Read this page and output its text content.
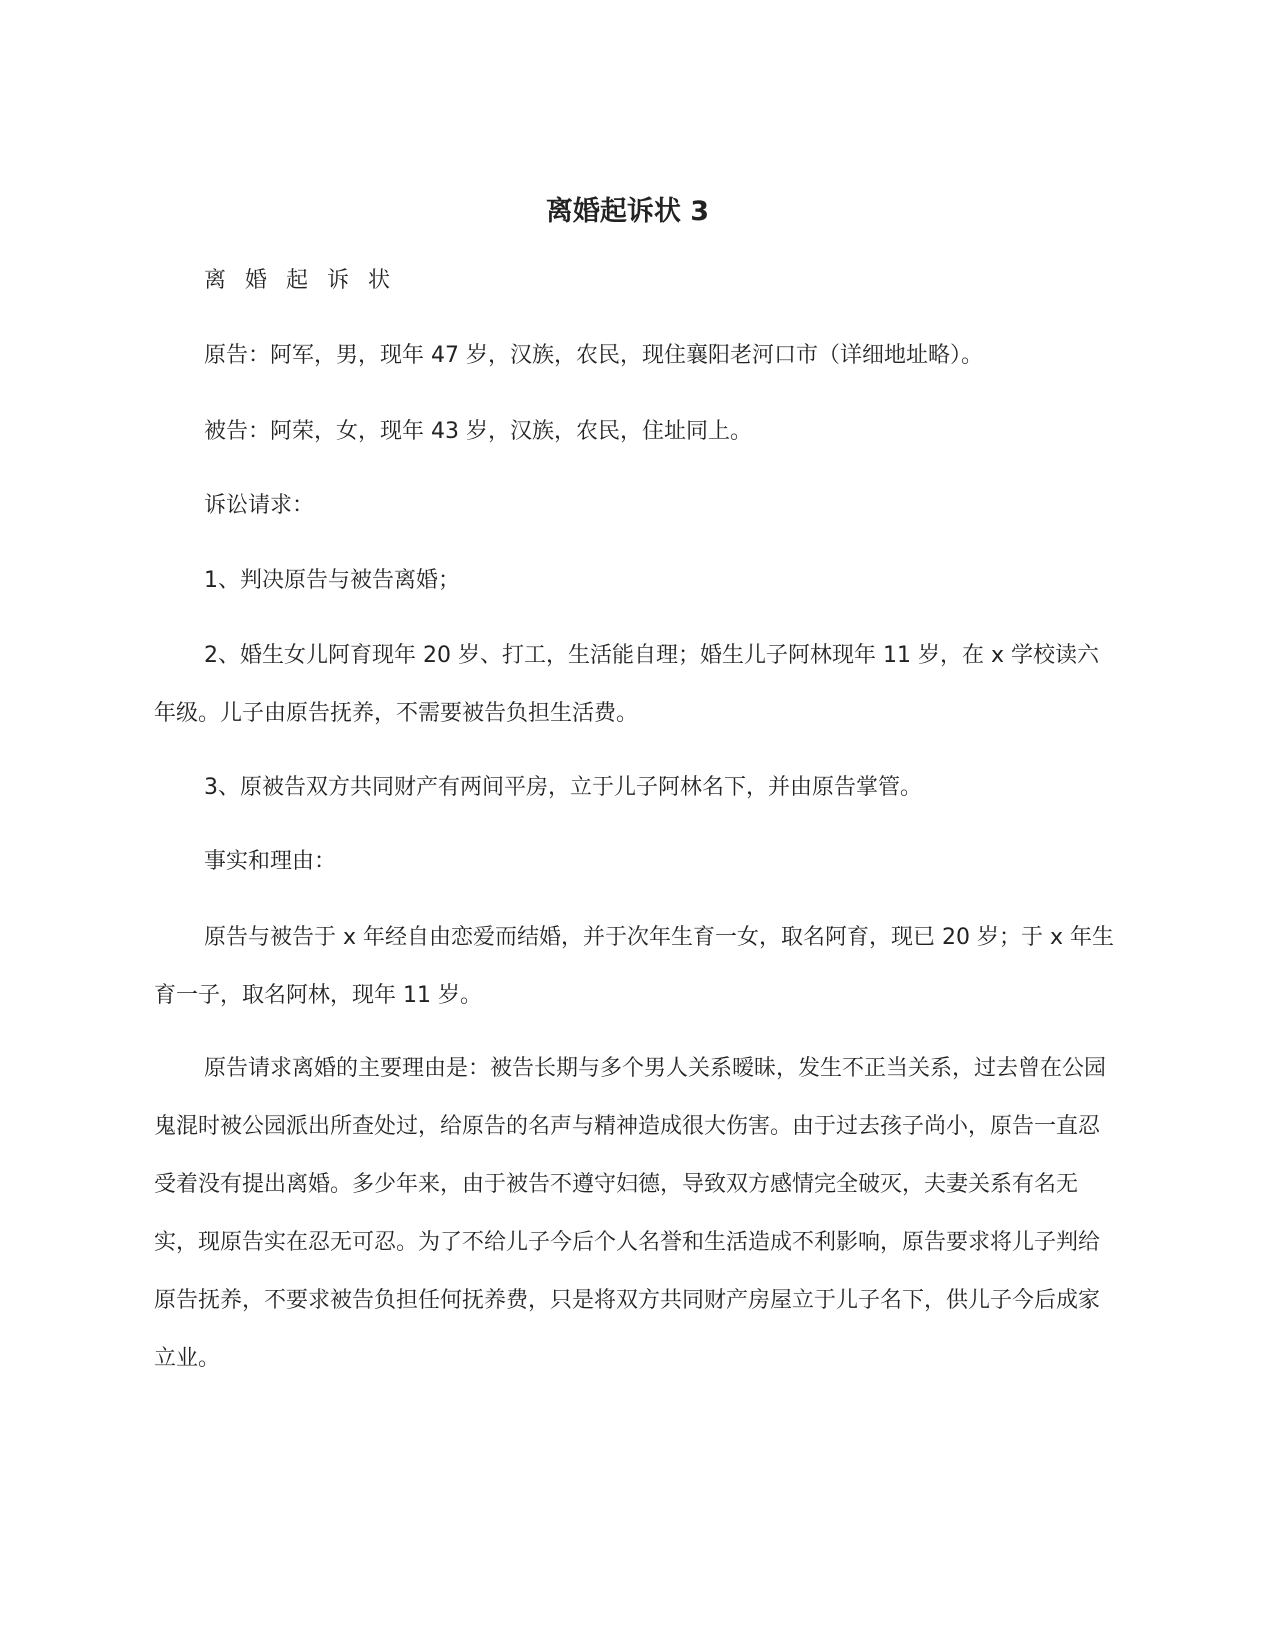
离婚起诉状 3

离 婚 起 诉 状

原告：阿军，男，现年 47 岁，汉族，农民，现住襄阳老河口市（详细地址略）。

被告：阿荣，女，现年 43 岁，汉族，农民，住址同上。

诉讼请求：

1、判决原告与被告离婚；

2、婚生女儿阿育现年 20 岁、打工，生活能自理；婚生儿子阿林现年 11 岁，在 x 学校读六年级。儿子由原告抚养，不需要被告负担生活费。

3、原被告双方共同财产有两间平房，立于儿子阿林名下，并由原告掌管。

事实和理由：

原告与被告于 x 年经自由恋爱而结婚，并于次年生育一女，取名阿育，现已 20 岁；于 x 年生育一子，取名阿林，现年 11 岁。

原告请求离婚的主要理由是：被告长期与多个男人关系暧昧，发生不正当关系，过去曾在公园鬼混时被公园派出所查处过，给原告的名声与精神造成很大伤害。由于过去孩子尚小，原告一直忍受着没有提出离婚。多少年来，由于被告不遵守妇德，导致双方感情完全破灭，夫妻关系有名无实，现原告实在忍无可忍。为了不给儿子今后个人名誉和生活造成不利影响，原告要求将儿子判给原告抚养，不要求被告负担任何抚养费，只是将双方共同财产房屋立于儿子名下，供儿子今后成家立业。
